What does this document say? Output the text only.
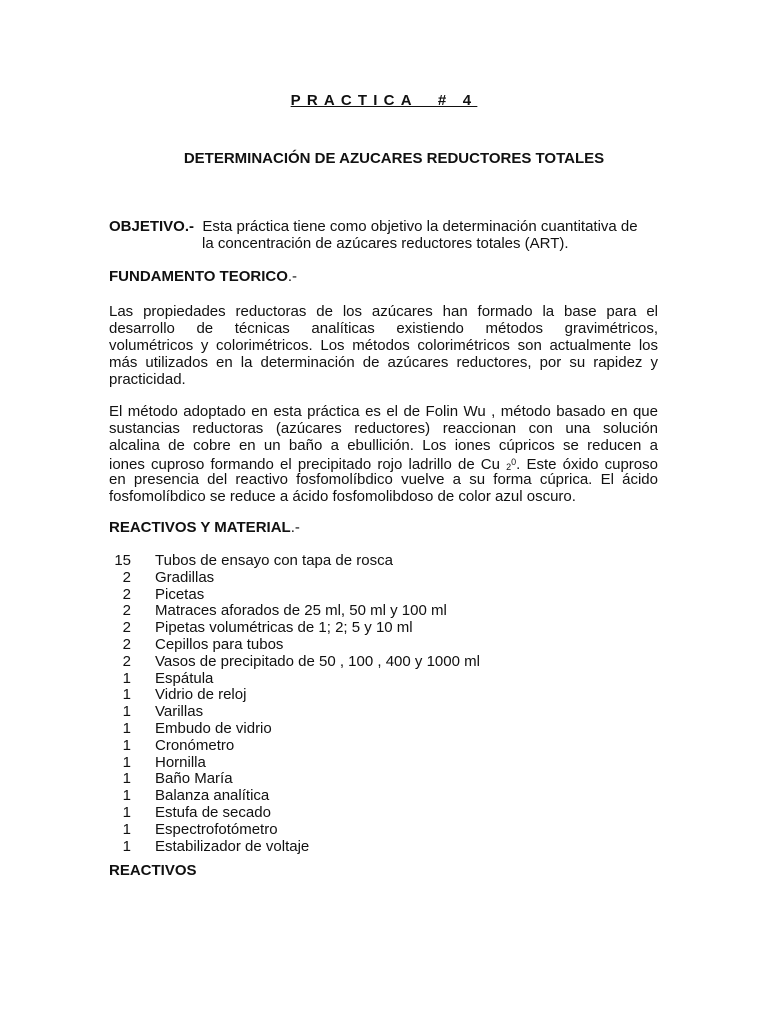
PRACTICA  # 4
DETERMINACIÓN DE AZUCARES REDUCTORES TOTALES
OBJETIVO.- Esta práctica tiene como objetivo la determinación cuantitativa de
la concentración de azúcares reductores totales (ART).
FUNDAMENTO TEORICO.-
Las propiedades reductoras de los azúcares han formado la base para el
desarrollo de técnicas analíticas existiendo métodos gravimétricos,
volumétricos y colorimétricos. Los métodos colorimétricos son actualmente los
más utilizados en la determinación de azúcares reductores, por su rapidez y
practicidad.
El método adoptado en esta práctica es el de Folin Wu , método basado en que
sustancias reductoras (azúcares reductores) reaccionan con una solución
alcalina de cobre en un baño a ebullición. Los iones cúpricos se reducen a
iones cuproso formando el precipitado rojo ladrillo de Cu $_2^0$. Este óxido cuproso
en presencia del reactivo fosfomolíbdico vuelve a su forma cúprica. El ácido
fosfomolíbdico se reduce a ácido fosfomolibdoso de color azul oscuro.
REACTIVOS Y MATERIAL.-
15 Tubos de ensayo con tapa de rosca
2 Gradillas
2 Picetas
2 Matraces aforados de 25 ml, 50 ml y 100 ml
2 Pipetas volumétricas de 1; 2; 5 y 10 ml
2 Cepillos para tubos
2 Vasos de precipitado de 50 , 100 , 400 y 1000 ml
1 Espátula
1 Vidrio de reloj
1 Varillas
1 Embudo de vidrio
1 Cronómetro
1 Hornilla
1 Baño María
1 Balanza analítica
1 Estufa de secado
1 Espectrofotómetro
1 Estabilizador de voltaje
REACTIVOS
